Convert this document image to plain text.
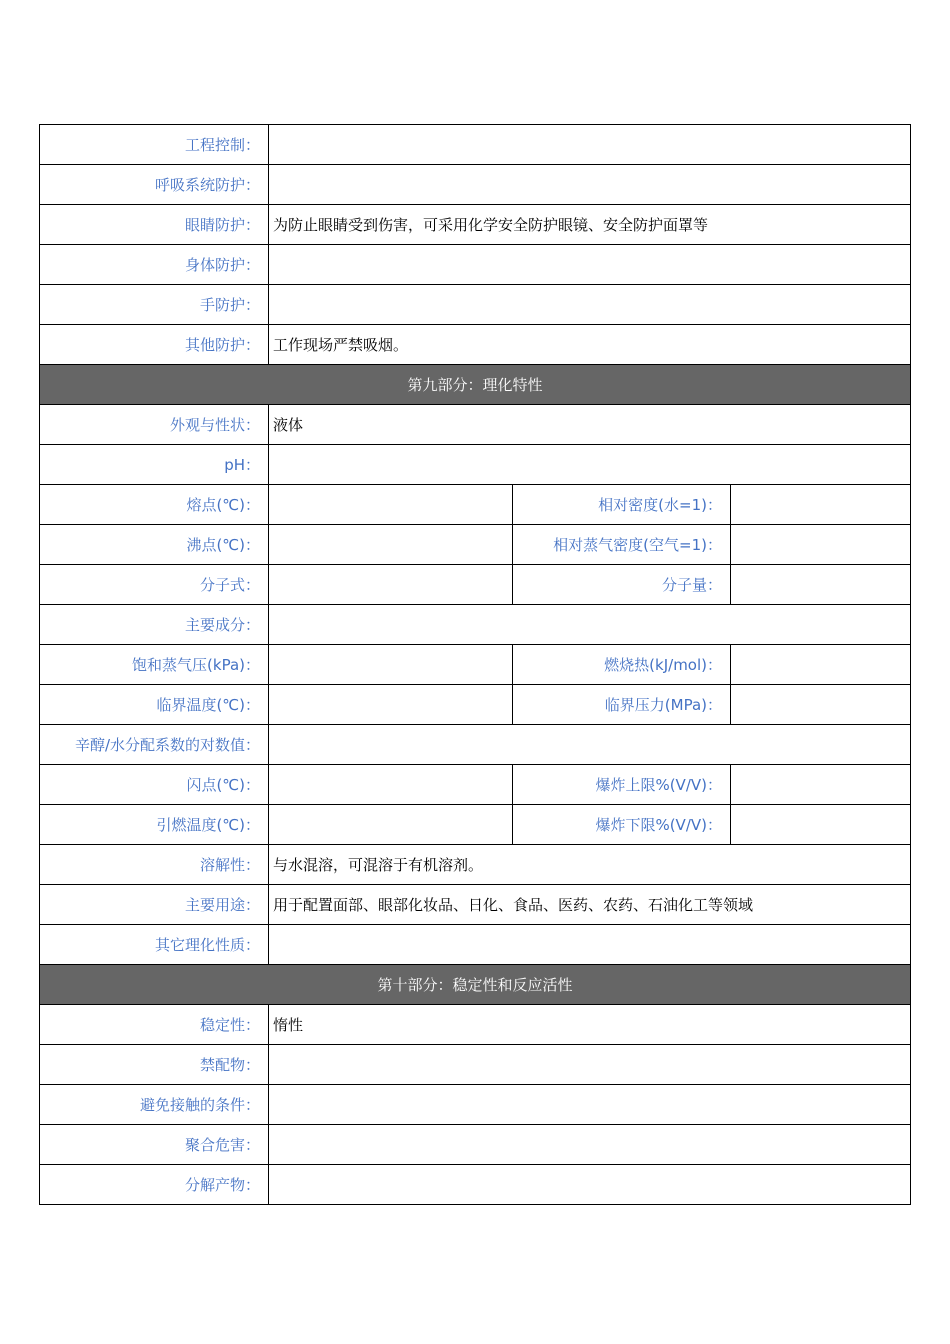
工程控制：
呼吸系统防护：
眼睛防护： 为防止眼睛受到伤害，可采用化学安全防护眼镜、安全防护面罩等
身体防护：
手防护：
其他防护： 工作现场严禁吸烟。
第九部分：理化特性
外观与性状： 液体
pH：
熔点(℃)：	相对密度(水=1)：
沸点(℃)：	相对蒸气密度(空气=1)：
分子式：	分子量：
主要成分：
饱和蒸气压(kPa)：	燃烧热(kJ/mol)：
临界温度(℃)：	临界压力(MPa)：
辛醇/水分配系数的对数值：
闪点(℃)：	爆炸上限%(V/V)：
引燃温度(℃)：	爆炸下限%(V/V)：
溶解性： 与水混溶，可混溶于有机溶剂。
主要用途： 用于配置面部、眼部化妆品、日化、食品、医药、农药、石油化工等领域
其它理化性质：
第十部分：稳定性和反应活性
稳定性： 惰性
禁配物：
避免接触的条件：
聚合危害：
分解产物：
